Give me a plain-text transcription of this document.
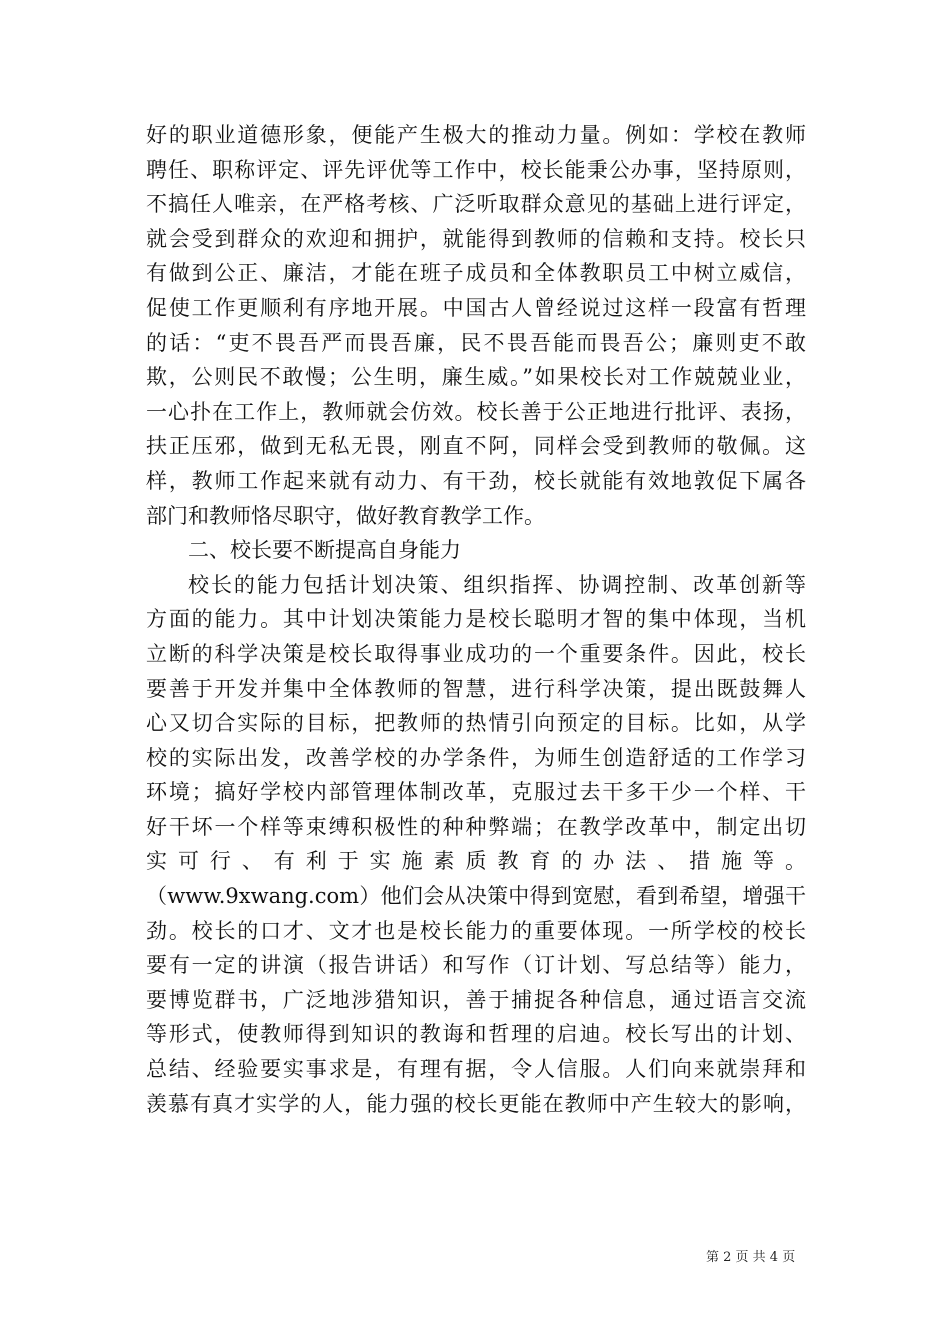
好的职业道德形象，便能产生极大的推动力量。例如：学校在教师
聘任、职称评定、评先评优等工作中，校长能秉公办事，坚持原则，
不搞任人唯亲，在严格考核、广泛听取群众意见的基础上进行评定，
就会受到群众的欢迎和拥护，就能得到教师的信赖和支持。校长只
有做到公正、廉洁，才能在班子成员和全体教职员工中树立威信，
促使工作更顺利有序地开展。中国古人曾经说过这样一段富有哲理
的话：“吏不畏吾严而畏吾廉，民不畏吾能而畏吾公；廉则吏不敢
欺，公则民不敢慢；公生明，廉生威。”如果校长对工作兢兢业业，
一心扑在工作上，教师就会仿效。校长善于公正地进行批评、表扬，
扶正压邪，做到无私无畏，刚直不阿，同样会受到教师的敬佩。这
样，教师工作起来就有动力、有干劲，校长就能有效地敦促下属各
部门和教师恪尽职守，做好教育教学工作。
二、校长要不断提高自身能力
校长的能力包括计划决策、组织指挥、协调控制、改革创新等
方面的能力。其中计划决策能力是校长聪明才智的集中体现，当机
立断的科学决策是校长取得事业成功的一个重要条件。因此，校长
要善于开发并集中全体教师的智慧，进行科学决策，提出既鼓舞人
心又切合实际的目标，把教师的热情引向预定的目标。比如，从学
校的实际出发，改善学校的办学条件，为师生创造舒适的工作学习
环境；搞好学校内部管理体制改革，克服过去干多干少一个样、干
好干坏一个样等束缚积极性的种种弊端；在教学改革中，制定出切
实可行、有利于实施素质教育的办法、措施等。
（www.9xwang.com）他们会从决策中得到宽慰，看到希望，增强干
劲。校长的口才、文才也是校长能力的重要体现。一所学校的校长
要有一定的讲演（报告讲话）和写作（订计划、写总结等）能力，
要博览群书，广泛地涉猎知识，善于捕捉各种信息，通过语言交流
等形式，使教师得到知识的教诲和哲理的启迪。校长写出的计划、
总结、经验要实事求是，有理有据，令人信服。人们向来就崇拜和
羡慕有真才实学的人，能力强的校长更能在教师中产生较大的影响，
第 2 页 共 4 页
